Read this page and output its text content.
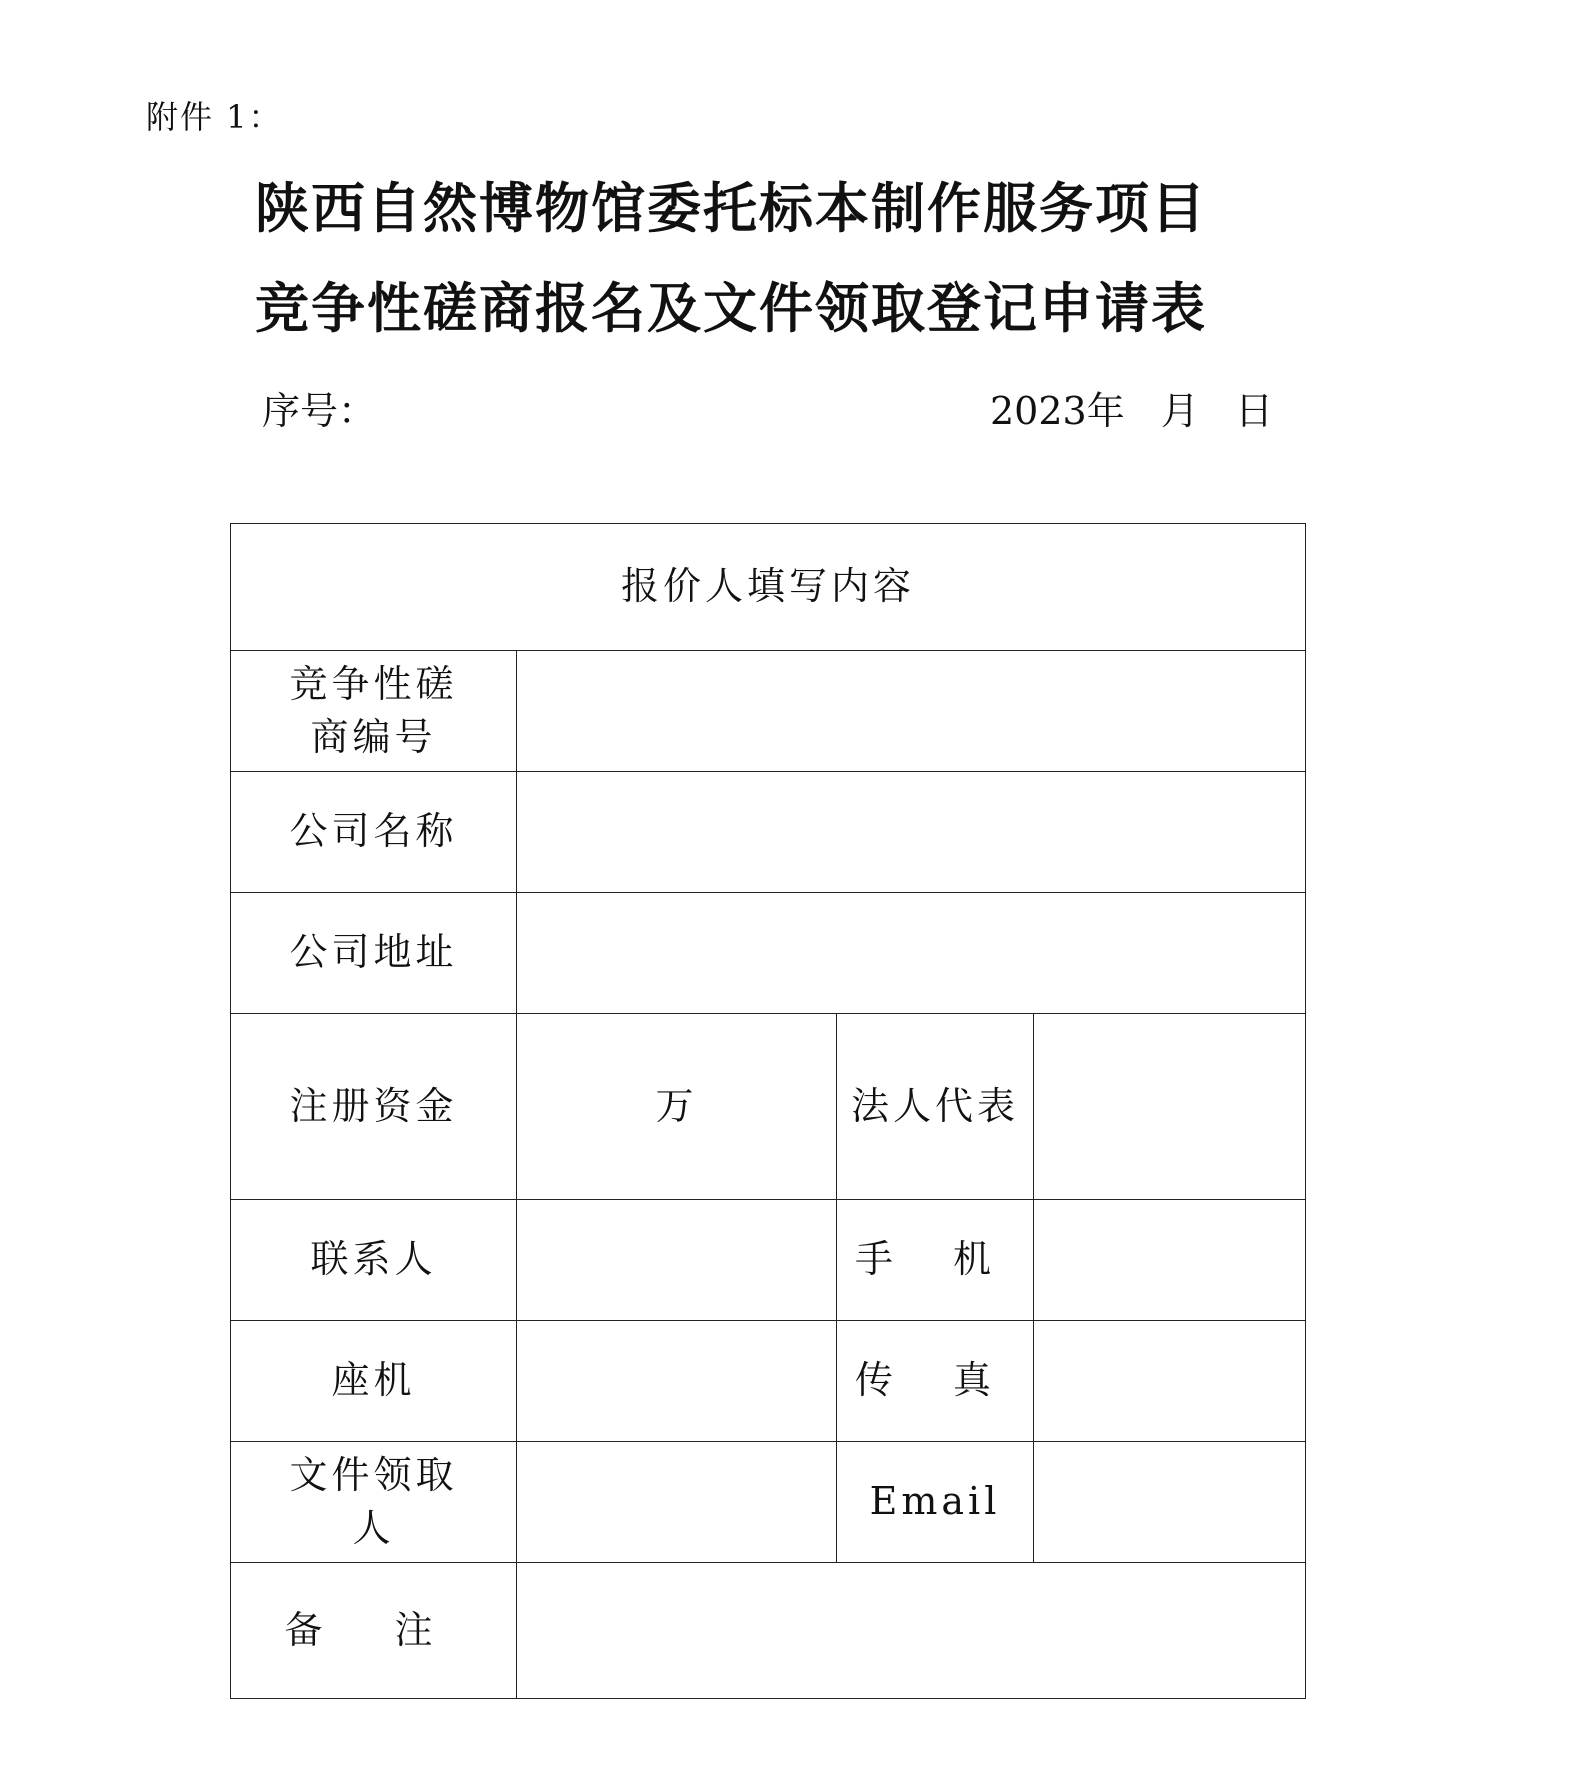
附件 1：
陕西自然博物馆委托标本制作服务项目
竞争性磋商报名及文件领取登记申请表
序号：	2023年   月   日
报价人填写内容			

竞争性磋商编号			

公司名称			
公司地址			
注册资金	万	法人代表	
联系人		手 机	
座机		传 真	

文件领取人		Email	
备 注			
